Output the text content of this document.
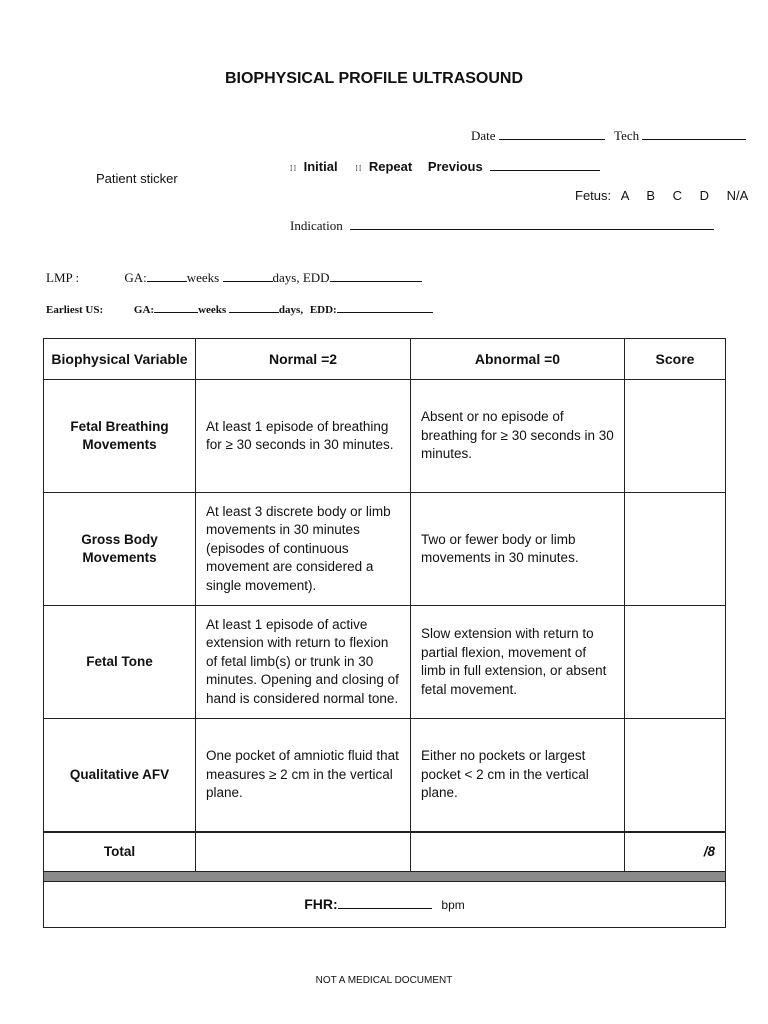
BIOPHYSICAL PROFILE ULTRASOUND
Date	Tech
⁞⁞ Initial ⁞⁞ Repeat Previous
Patient sticker
Fetus: A B C D N/A
Indication
LMP :	GA:	weeks	days, EDD
Earliest US:	GA:	weeks	days, EDD:
Biophysical Variable	Normal =2	Abnormal =0	Score
Fetal Breathing Movements	At least 1 episode of breathing for ≥ 30 seconds in 30 minutes.	Absent or no episode of breathing for ≥ 30 seconds in 30 minutes.	
Gross Body Movements	At least 3 discrete body or limb movements in 30 minutes (episodes of continuous movement are considered a single movement).	Two or fewer body or limb movements in 30 minutes.	
Fetal Tone	At least 1 episode of active extension with return to flexion of fetal limb(s) or trunk in 30 minutes. Opening and closing of hand is considered normal tone.	Slow extension with return to partial flexion, movement of limb in full extension, or absent fetal movement.	
Qualitative AFV	One pocket of amniotic fluid that measures ≥ 2 cm in the vertical plane.	Either no pockets or largest pocket < 2 cm in the vertical plane.	
Total			/8

FHR: bpm			
NOT A MEDICAL DOCUMENT
